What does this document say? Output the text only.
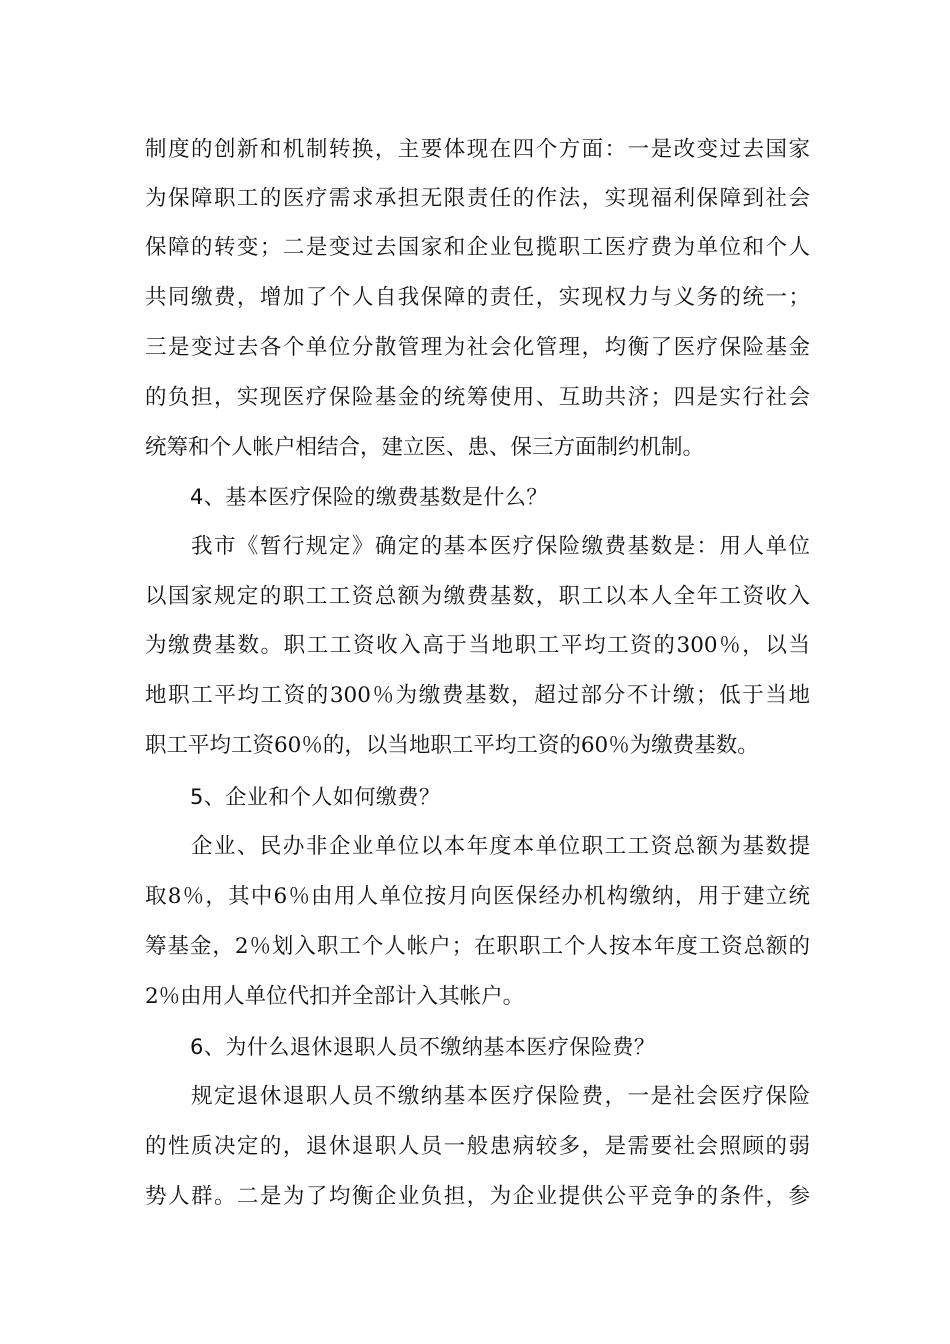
制度的创新和机制转换，主要体现在四个方面：一是改变过去国家
为保障职工的医疗需求承担无限责任的作法，实现福利保障到社会
保障的转变；二是变过去国家和企业包揽职工医疗费为单位和个人
共同缴费，增加了个人自我保障的责任，实现权力与义务的统一；
三是变过去各个单位分散管理为社会化管理，均衡了医疗保险基金
的负担，实现医疗保险基金的统筹使用、互助共济；四是实行社会
统筹和个人帐户相结合，建立医、患、保三方面制约机制。
4、基本医疗保险的缴费基数是什么？
　　我市《暂行规定》确定的基本医疗保险缴费基数是：用人单位
以国家规定的职工工资总额为缴费基数，职工以本人全年工资收入
为缴费基数。职工工资收入高于当地职工平均工资的300％，以当
地职工平均工资的300％为缴费基数，超过部分不计缴；低于当地
职工平均工资60％的，以当地职工平均工资的60％为缴费基数。
5、企业和个人如何缴费？
　　企业、民办非企业单位以本年度本单位职工工资总额为基数提
取8％，其中6％由用人单位按月向医保经办机构缴纳，用于建立统
筹基金，2％划入职工个人帐户；在职职工个人按本年度工资总额的
2％由用人单位代扣并全部计入其帐户。
6、为什么退休退职人员不缴纳基本医疗保险费？
　　规定退休退职人员不缴纳基本医疗保险费，一是社会医疗保险
的性质决定的，退休退职人员一般患病较多，是需要社会照顾的弱
势人群。二是为了均衡企业负担，为企业提供公平竞争的条件，参
